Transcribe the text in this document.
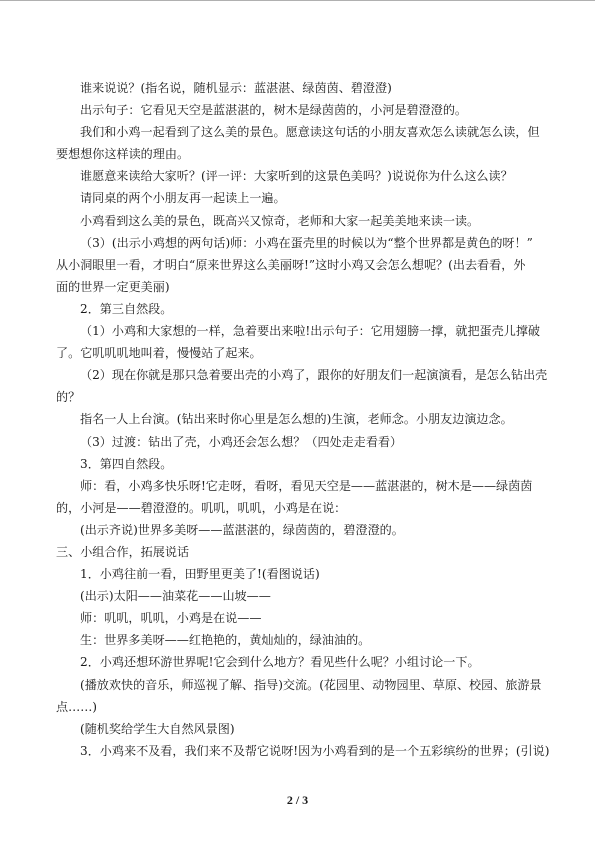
谁来说说？(指名说，随机显示：蓝湛湛、绿茵茵、碧澄澄)
出示句子：它看见天空是蓝湛湛的，树木是绿茵茵的，小河是碧澄澄的。
我们和小鸡一起看到了这么美的景色。愿意读这句话的小朋友喜欢怎么读就怎么读，但
要想想你这样读的理由。
谁愿意来读给大家听？(评一评：大家听到的这景色美吗？)说说你为什么这么读？
请同桌的两个小朋友再一起读上一遍。
小鸡看到这么美的景色，既高兴又惊奇，老师和大家一起美美地来读一读。
（3）(出示小鸡想的两句话)师：小鸡在蛋壳里的时候以为“整个世界都是黄色的呀！”
从小洞眼里一看，才明白“原来世界这么美丽呀!”这时小鸡又会怎么想呢？(出去看看，外
面的世界一定更美丽)
2．第三自然段。
（1）小鸡和大家想的一样，急着要出来啦!出示句子：它用翅膀一撑，就把蛋壳儿撑破
了。它叽叽叽地叫着，慢慢站了起来。
（2）现在你就是那只急着要出壳的小鸡了，跟你的好朋友们一起演演看，是怎么钻出壳
的？
指名一人上台演。(钻出来时你心里是怎么想的)生演，老师念。小朋友边演边念。
（3）过渡：钻出了壳，小鸡还会怎么想？（四处走走看看）
3．第四自然段。
师：看，小鸡多快乐呀!它走呀，看呀，看见天空是——蓝湛湛的，树木是——绿茵茵
的，小河是——碧澄澄的。叽叽，叽叽，小鸡是在说：
(出示齐说)世界多美呀——蓝湛湛的，绿茵茵的，碧澄澄的。
三、小组合作，拓展说话
1．小鸡往前一看，田野里更美了!(看图说话)
(出示)太阳——油菜花——山坡——
师：叽叽，叽叽，小鸡是在说——
生：世界多美呀——红艳艳的，黄灿灿的，绿油油的。
2．小鸡还想环游世界呢!它会到什么地方？看见些什么呢？小组讨论一下。
(播放欢快的音乐，师巡视了解、指导)交流。(花园里、动物园里、草原、校园、旅游景
点……)
(随机奖给学生大自然风景图)
3．小鸡来不及看，我们来不及帮它说呀!因为小鸡看到的是一个五彩缤纷的世界；(引说)
2 / 3
